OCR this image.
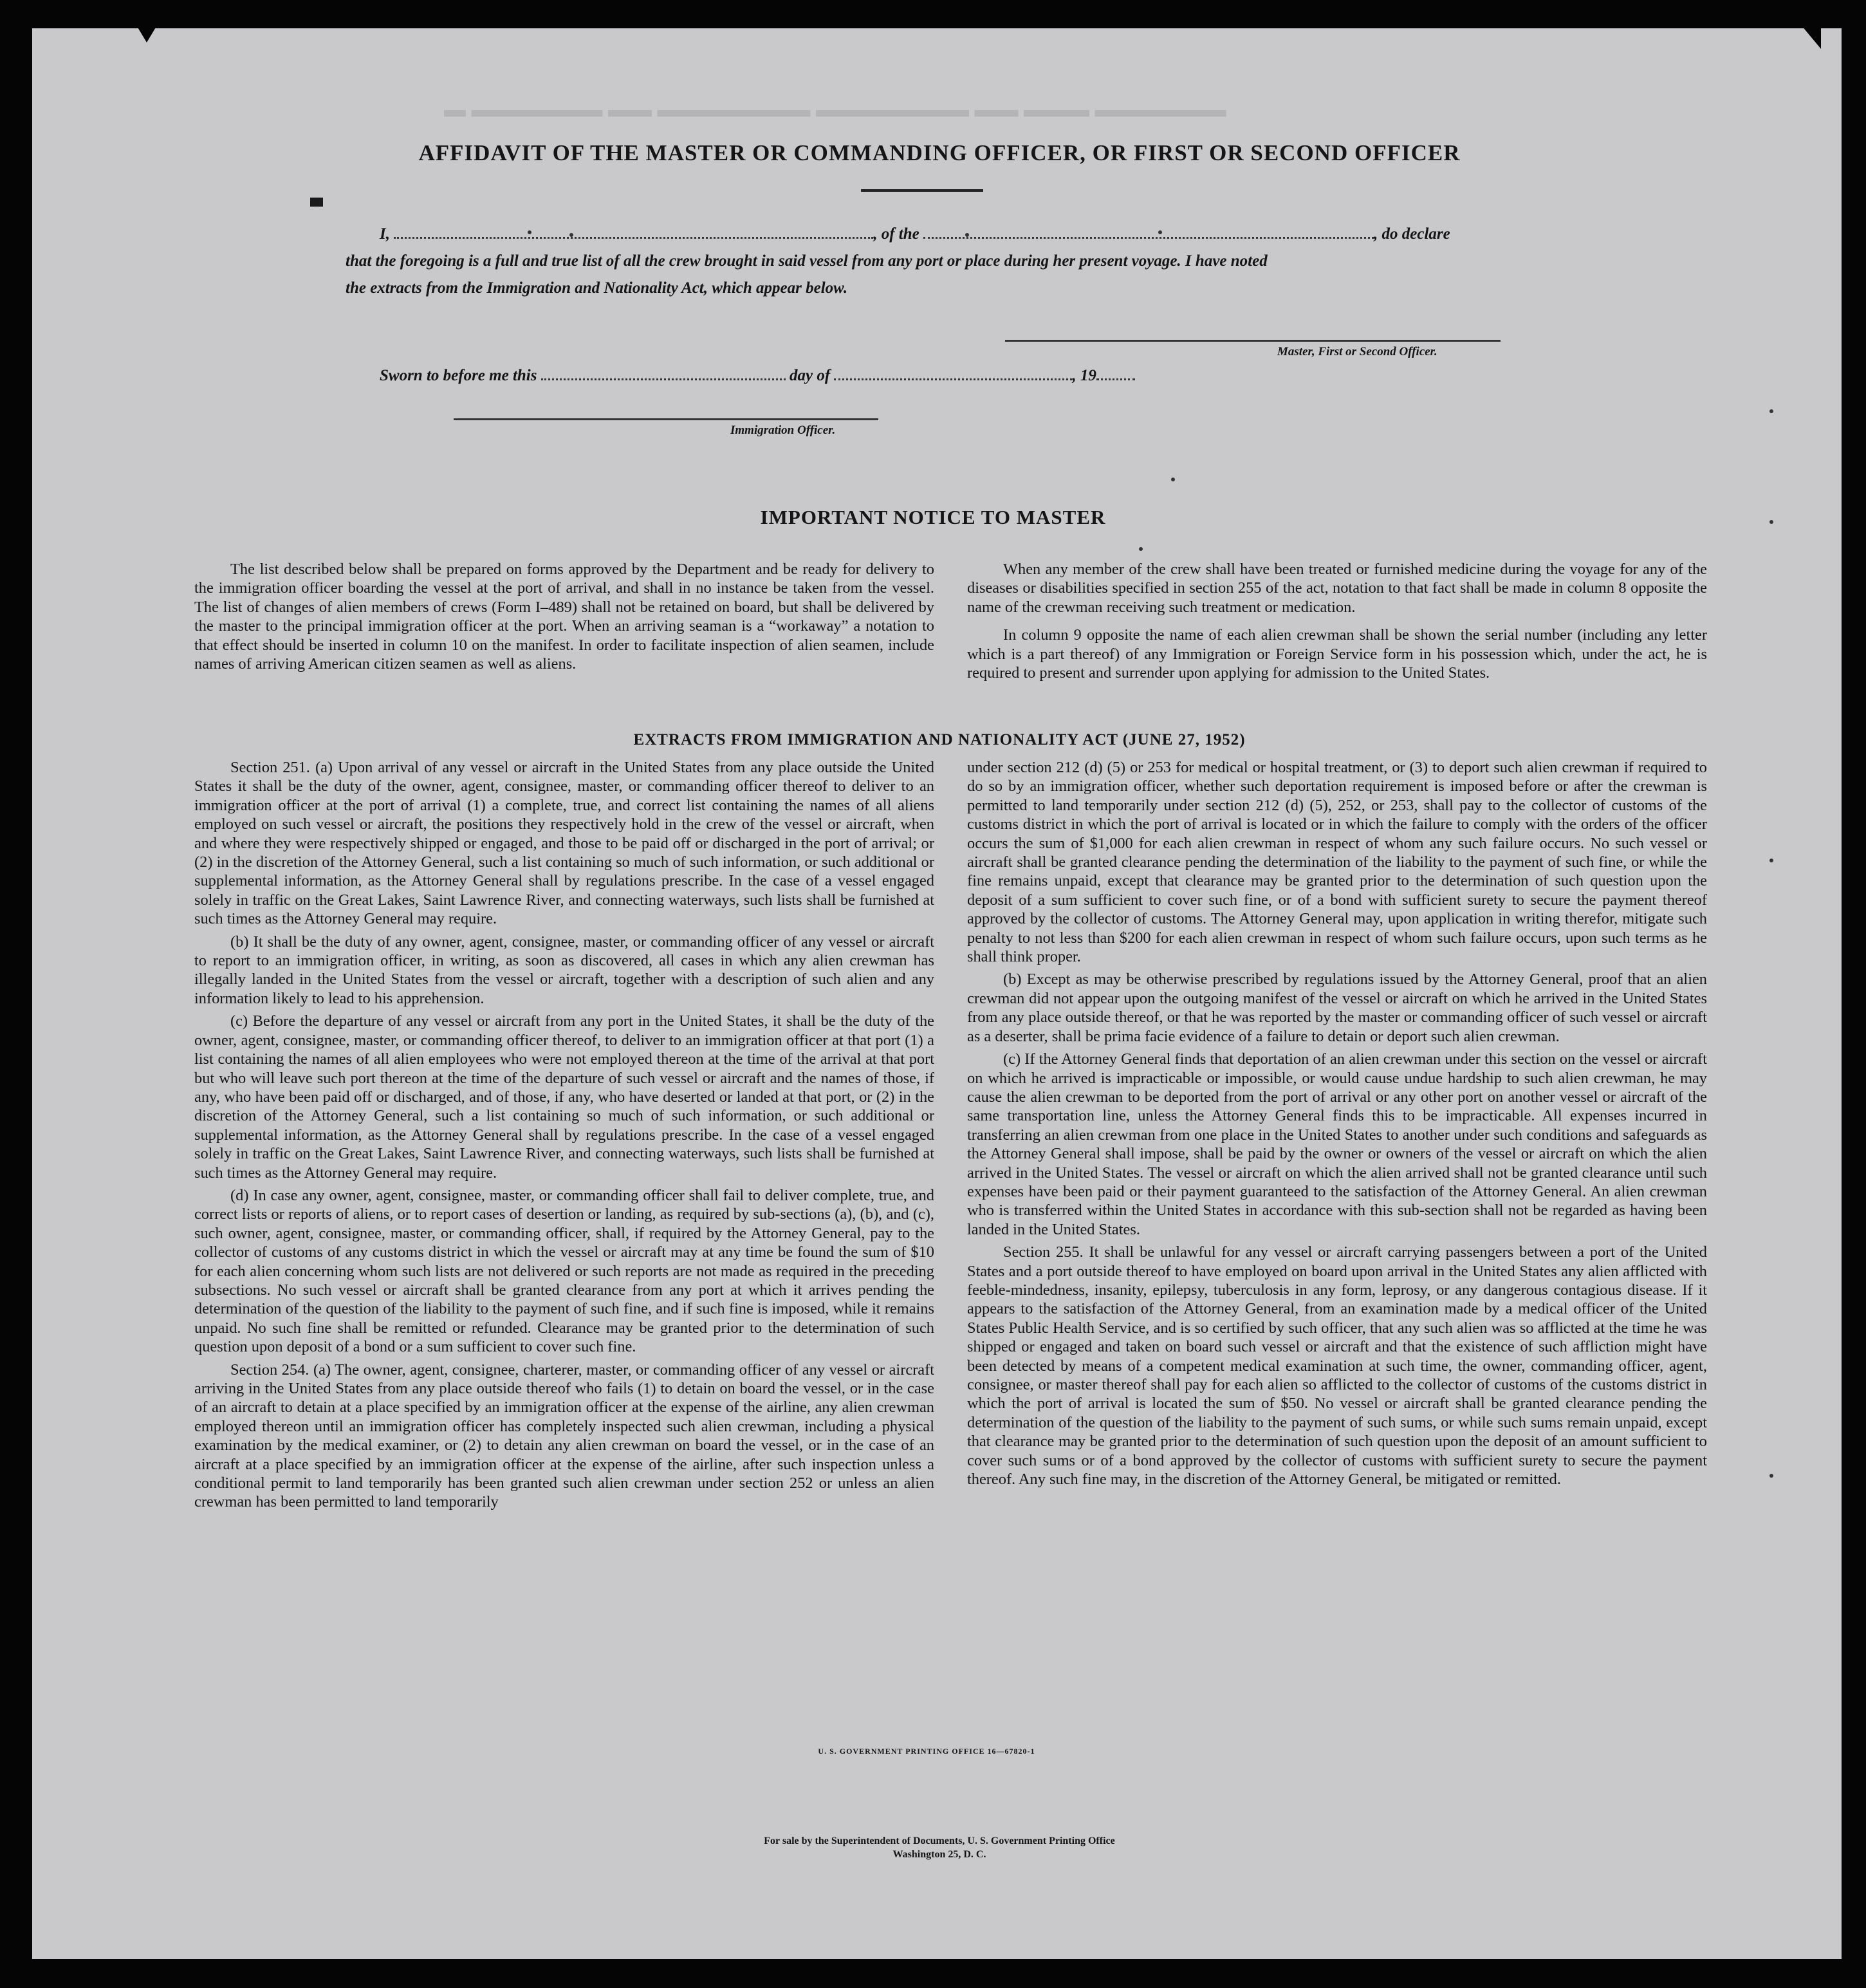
▬ ▬▬▬▬▬▬ ▬▬ ▬▬▬▬▬▬▬ ▬▬▬▬▬▬▬ ▬▬ ▬▬▬ ▬▬▬▬▬▬
AFFIDAVIT OF THE MASTER OR COMMANDING OFFICER, OR FIRST OR SECOND OFFICER
I,	, of the	, do declare
that the foregoing is a full and true list of all the crew brought in said vessel from any port or place during her present voyage. I have noted
the extracts from the Immigration and Nationality Act, which appear below.
Master, First or Second Officer.
Sworn to before me this	day of	, 19
Immigration Officer.
IMPORTANT NOTICE TO MASTER

The list described below shall be prepared on forms approved by the Department and be ready for delivery to the immigration officer boarding the vessel at the port of arrival, and shall in no instance be taken from the vessel. The list of changes of alien members of crews (Form I–489) shall not be retained on board, but shall be delivered by the master to the principal immigration officer at the port. When an arriving seaman is a “workaway” a notation to that effect should be inserted in column 10 on the manifest. In order to facilitate inspection of alien seamen, include names of arriving American citizen seamen as well as aliens.

When any member of the crew shall have been treated or furnished medicine during the voyage for any of the diseases or disabilities specified in section 255 of the act, notation to that fact shall be made in column 8 opposite the name of the crewman receiving such treatment or medication.

In column 9 opposite the name of each alien crewman shall be shown the serial number (including any letter which is a part thereof) of any Immigration or Foreign Service form in his possession which, under the act, he is required to present and surrender upon applying for admission to the United States.

EXTRACTS FROM IMMIGRATION AND NATIONALITY ACT (JUNE 27, 1952)

Section 251. (a) Upon arrival of any vessel or aircraft in the United States from any place outside the United States it shall be the duty of the owner, agent, consignee, master, or commanding officer thereof to deliver to an immigration officer at the port of arrival (1) a complete, true, and correct list containing the names of all aliens employed on such vessel or aircraft, the positions they respectively hold in the crew of the vessel or aircraft, when and where they were respectively shipped or engaged, and those to be paid off or discharged in the port of arrival; or (2) in the discretion of the Attorney General, such a list containing so much of such information, or such additional or supplemental information, as the Attorney General shall by regulations prescribe. In the case of a vessel engaged solely in traffic on the Great Lakes, Saint Lawrence River, and connecting waterways, such lists shall be furnished at such times as the Attorney General may require.

(b) It shall be the duty of any owner, agent, consignee, master, or commanding officer of any vessel or aircraft to report to an immigration officer, in writing, as soon as discovered, all cases in which any alien crewman has illegally landed in the United States from the vessel or aircraft, together with a description of such alien and any information likely to lead to his apprehension.

(c) Before the departure of any vessel or aircraft from any port in the United States, it shall be the duty of the owner, agent, consignee, master, or commanding officer thereof, to deliver to an immigration officer at that port (1) a list containing the names of all alien employees who were not employed thereon at the time of the arrival at that port but who will leave such port thereon at the time of the departure of such vessel or aircraft and the names of those, if any, who have been paid off or discharged, and of those, if any, who have deserted or landed at that port, or (2) in the discretion of the Attorney General, such a list containing so much of such information, or such additional or supplemental information, as the Attorney General shall by regulations prescribe. In the case of a vessel engaged solely in traffic on the Great Lakes, Saint Lawrence River, and connecting waterways, such lists shall be furnished at such times as the Attorney General may require.

(d) In case any owner, agent, consignee, master, or commanding officer shall fail to deliver complete, true, and correct lists or reports of aliens, or to report cases of desertion or landing, as required by sub-sections (a), (b), and (c), such owner, agent, consignee, master, or commanding officer, shall, if required by the Attorney General, pay to the collector of customs of any customs district in which the vessel or aircraft may at any time be found the sum of $10 for each alien concerning whom such lists are not delivered or such reports are not made as required in the preceding subsections. No such vessel or aircraft shall be granted clearance from any port at which it arrives pending the determination of the question of the liability to the payment of such fine, and if such fine is imposed, while it remains unpaid. No such fine shall be remitted or refunded. Clearance may be granted prior to the determination of such question upon deposit of a bond or a sum sufficient to cover such fine.

Section 254. (a) The owner, agent, consignee, charterer, master, or commanding officer of any vessel or aircraft arriving in the United States from any place outside thereof who fails (1) to detain on board the vessel, or in the case of an aircraft to detain at a place specified by an immigration officer at the expense of the airline, any alien crewman employed thereon until an immigration officer has completely inspected such alien crewman, including a physical examination by the medical examiner, or (2) to detain any alien crewman on board the vessel, or in the case of an aircraft at a place specified by an immigration officer at the expense of the airline, after such inspection unless a conditional permit to land temporarily has been granted such alien crewman under section 252 or unless an alien crewman has been permitted to land temporarily

under section 212 (d) (5) or 253 for medical or hospital treatment, or (3) to deport such alien crewman if required to do so by an immigration officer, whether such deportation requirement is imposed before or after the crewman is permitted to land temporarily under section 212 (d) (5), 252, or 253, shall pay to the collector of customs of the customs district in which the port of arrival is located or in which the failure to comply with the orders of the officer occurs the sum of $1,000 for each alien crewman in respect of whom any such failure occurs. No such vessel or aircraft shall be granted clearance pending the determination of the liability to the payment of such fine, or while the fine remains unpaid, except that clearance may be granted prior to the determination of such question upon the deposit of a sum sufficient to cover such fine, or of a bond with sufficient surety to secure the payment thereof approved by the collector of customs. The Attorney General may, upon application in writing therefor, mitigate such penalty to not less than $200 for each alien crewman in respect of whom such failure occurs, upon such terms as he shall think proper.

(b) Except as may be otherwise prescribed by regulations issued by the Attorney General, proof that an alien crewman did not appear upon the outgoing manifest of the vessel or aircraft on which he arrived in the United States from any place outside thereof, or that he was reported by the master or commanding officer of such vessel or aircraft as a deserter, shall be prima facie evidence of a failure to detain or deport such alien crewman.

(c) If the Attorney General finds that deportation of an alien crewman under this section on the vessel or aircraft on which he arrived is impracticable or impossible, or would cause undue hardship to such alien crewman, he may cause the alien crewman to be deported from the port of arrival or any other port on another vessel or aircraft of the same transportation line, unless the Attorney General finds this to be impracticable. All expenses incurred in transferring an alien crewman from one place in the United States to another under such conditions and safeguards as the Attorney General shall impose, shall be paid by the owner or owners of the vessel or aircraft on which the alien arrived in the United States. The vessel or aircraft on which the alien arrived shall not be granted clearance until such expenses have been paid or their payment guaranteed to the satisfaction of the Attorney General. An alien crewman who is transferred within the United States in accordance with this sub-section shall not be regarded as having been landed in the United States.

Section 255. It shall be unlawful for any vessel or aircraft carrying passengers between a port of the United States and a port outside thereof to have employed on board upon arrival in the United States any alien afflicted with feeble-mindedness, insanity, epilepsy, tuberculosis in any form, leprosy, or any dangerous contagious disease. If it appears to the satisfaction of the Attorney General, from an examination made by a medical officer of the United States Public Health Service, and is so certified by such officer, that any such alien was so afflicted at the time he was shipped or engaged and taken on board such vessel or aircraft and that the existence of such affliction might have been detected by means of a competent medical examination at such time, the owner, commanding officer, agent, consignee, or master thereof shall pay for each alien so afflicted to the collector of customs of the customs district in which the port of arrival is located the sum of $50. No vessel or aircraft shall be granted clearance pending the determination of the question of the liability to the payment of such sums, or while such sums remain unpaid, except that clearance may be granted prior to the determination of such question upon the deposit of an amount sufficient to cover such sums or of a bond approved by the collector of customs with sufficient surety to secure the payment thereof. Any such fine may, in the discretion of the Attorney General, be mitigated or remitted.

U. S. GOVERNMENT PRINTING OFFICE 16—67820-1
For sale by the Superintendent of Documents, U. S. Government Printing Office
Washington 25, D. C.
